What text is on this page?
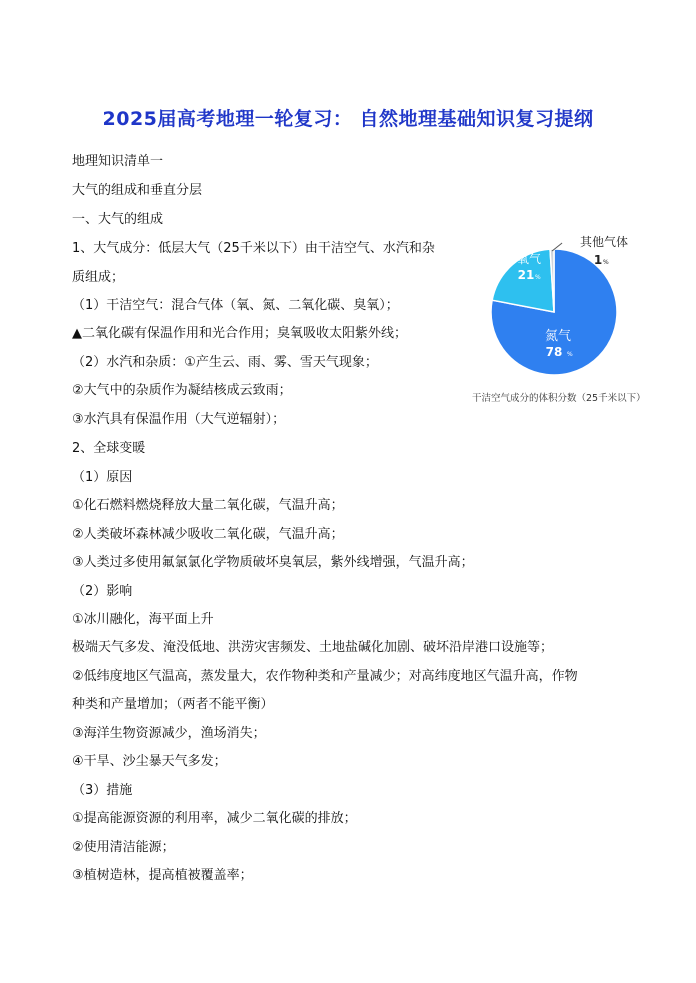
2025届高考地理一轮复习： 自然地理基础知识复习提纲
地理知识清单一
大气的组成和垂直分层
一、大气的组成
1、大气成分：低层大气（25千米以下）由干洁空气、水汽和杂
质组成；
（1）干洁空气：混合气体（氧、氮、二氧化碳、臭氧）；
▲二氧化碳有保温作用和光合作用；臭氧吸收太阳紫外线；
（2）水汽和杂质：①产生云、雨、雾、雪天气现象；
②大气中的杂质作为凝结核成云致雨；
③水汽具有保温作用（大气逆辐射）；
2、全球变暖
（1）原因
①化石燃料燃烧释放大量二氧化碳，气温升高；
②人类破坏森林减少吸收二氧化碳，气温升高；
③人类过多使用氟氯氯化学物质破坏臭氧层，紫外线增强，气温升高；
（2）影响
①冰川融化，海平面上升
极端天气多发、淹没低地、洪涝灾害频发、土地盐碱化加剧、破坏沿岸港口设施等；
②低纬度地区气温高，蒸发量大，农作物种类和产量减少；对高纬度地区气温升高，作物
种类和产量增加；（两者不能平衡）
③海洋生物资源减少，渔场消失；
④干旱、沙尘暴天气多发；
（3）措施
①提高能源资源的利用率，减少二氧化碳的排放；
②使用清洁能源；
③植树造林，提高植被覆盖率；
氮气
78 %
氧气
21 %
其他气体
1 %
干洁空气成分的体积分数（25千米以下）
